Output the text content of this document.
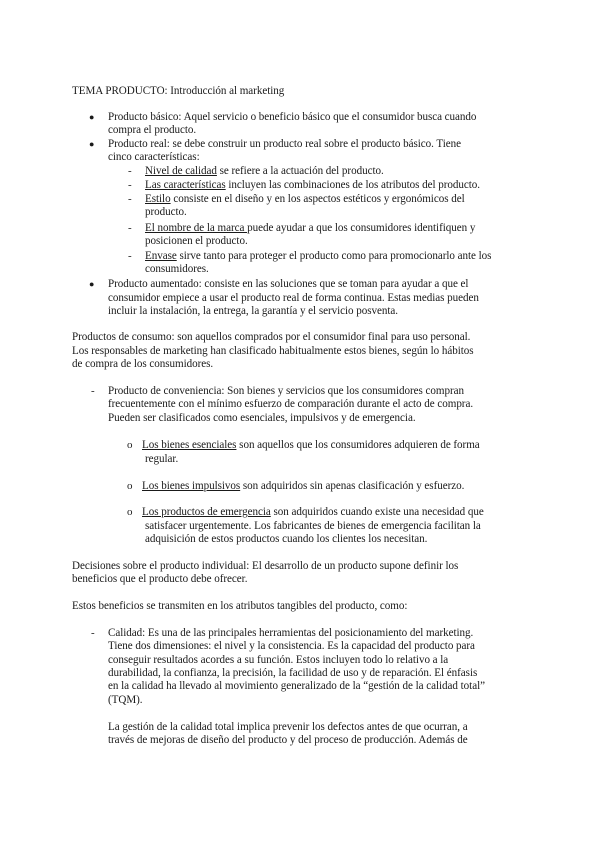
TEMA PRODUCTO: Introducción al marketing
● Producto básico: Aquel servicio o beneficio básico que el consumidor busca cuando
compra el producto.
● Producto real: se debe construir un producto real sobre el producto básico. Tiene
cinco características:
- Nivel de calidad se refiere a la actuación del producto.
- Las características incluyen las combinaciones de los atributos del producto.
- Estilo consiste en el diseño y en los aspectos estéticos y ergonómicos del
producto.
- El nombre de la marca puede ayudar a que los consumidores identifiquen y
posicionen el producto.
- Envase sirve tanto para proteger el producto como para promocionarlo ante los
consumidores.
● Producto aumentado: consiste en las soluciones que se toman para ayudar a que el
consumidor empiece a usar el producto real de forma continua. Estas medias pueden
incluir la instalación, la entrega, la garantía y el servicio posventa.
Productos de consumo: son aquellos comprados por el consumidor final para uso personal.
Los responsables de marketing han clasificado habitualmente estos bienes, según lo hábitos
de compra de los consumidores.
- Producto de conveniencia: Son bienes y servicios que los consumidores compran
frecuentemente con el mínimo esfuerzo de comparación durante el acto de compra.
Pueden ser clasificados como esenciales, impulsivos y de emergencia.
o Los bienes esenciales son aquellos que los consumidores adquieren de forma
regular.
o Los bienes impulsivos son adquiridos sin apenas clasificación y esfuerzo.
o Los productos de emergencia son adquiridos cuando existe una necesidad que
satisfacer urgentemente. Los fabricantes de bienes de emergencia facilitan la
adquisición de estos productos cuando los clientes los necesitan.
Decisiones sobre el producto individual: El desarrollo de un producto supone definir los
beneficios que el producto debe ofrecer.
Estos beneficios se transmiten en los atributos tangibles del producto, como:
- Calidad: Es una de las principales herramientas del posicionamiento del marketing.
Tiene dos dimensiones: el nivel y la consistencia. Es la capacidad del producto para
conseguir resultados acordes a su función. Estos incluyen todo lo relativo a la
durabilidad, la confianza, la precisión, la facilidad de uso y de reparación. El énfasis
en la calidad ha llevado al movimiento generalizado de la “gestión de la calidad total”
(TQM).
La gestión de la calidad total implica prevenir los defectos antes de que ocurran, a
través de mejoras de diseño del producto y del proceso de producción. Además de
